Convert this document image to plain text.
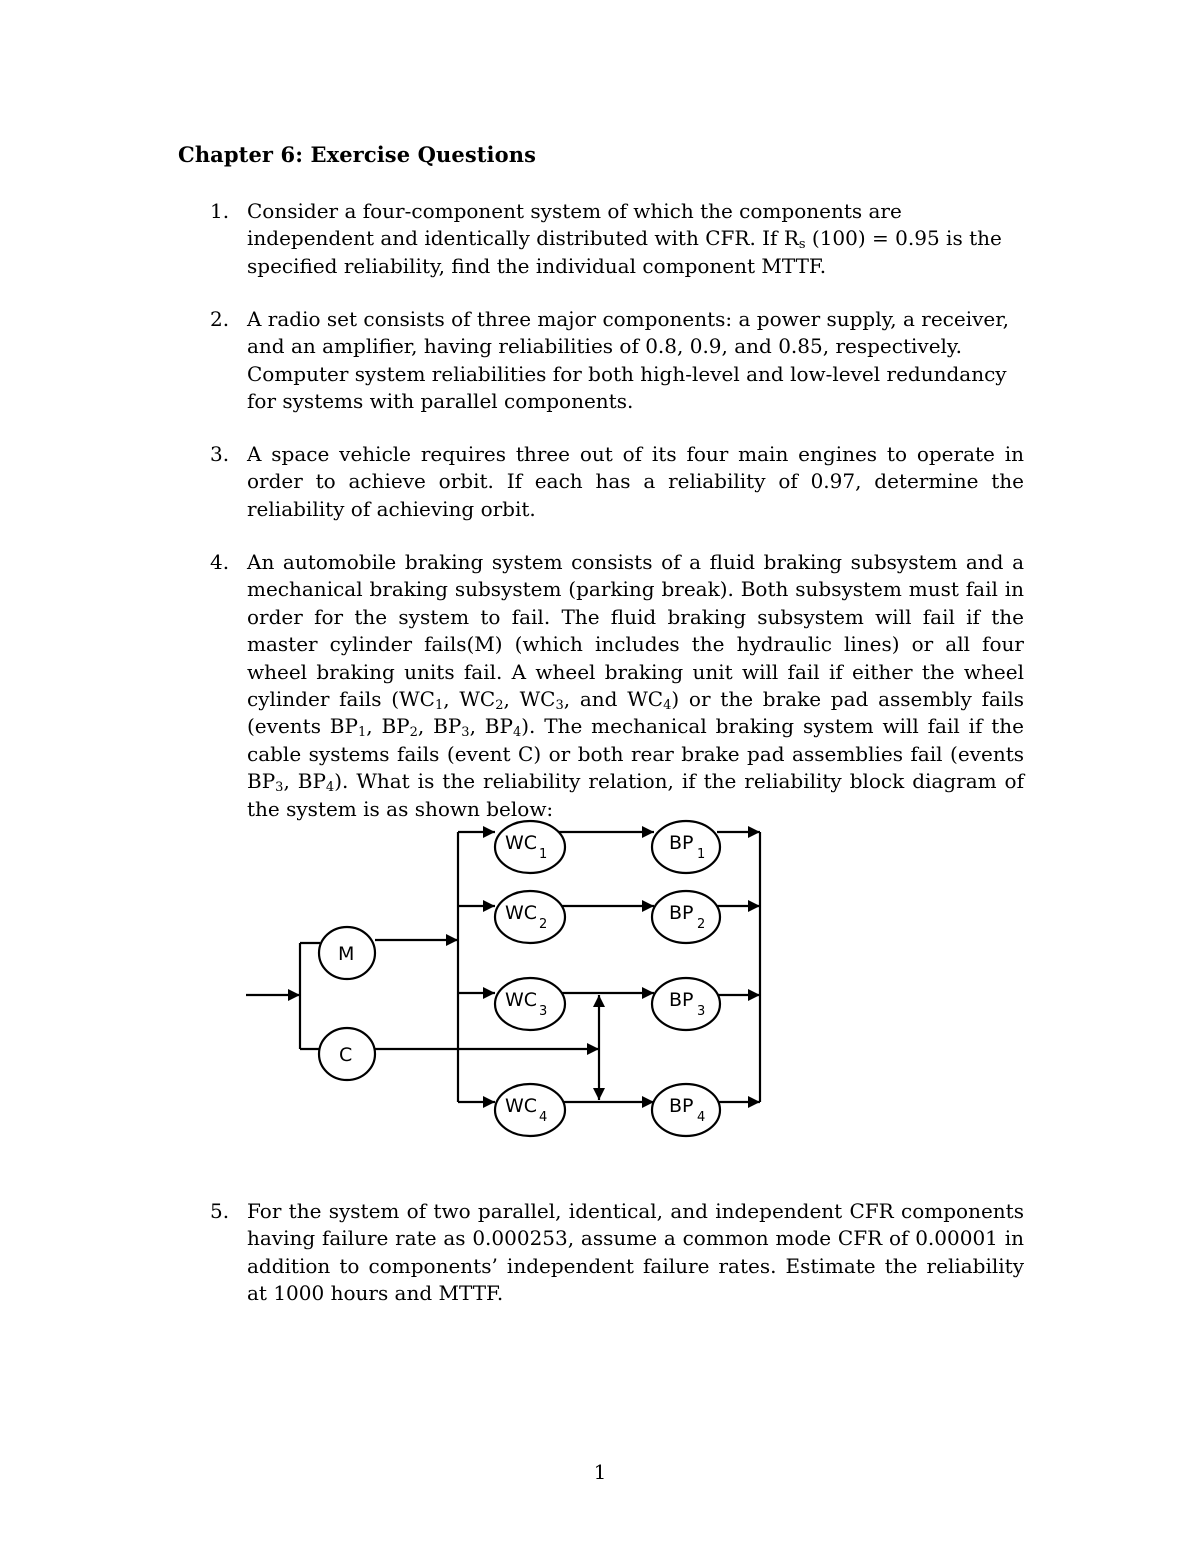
Chapter 6: Exercise Questions
1. Consider a four-component system of which the components are independent and identically distributed with CFR. If $R_s$ (100) = 0.95 is the specified reliability, find the individual component MTTF.
2. A radio set consists of three major components: a power supply, a receiver, and an amplifier, having reliabilities of 0.8, 0.9, and 0.85, respectively. Computer system reliabilities for both high-level and low-level redundancy for systems with parallel components.
3. A space vehicle requires three out of its four main engines to operate in order to achieve orbit. If each has a reliability of 0.97, determine the reliability of achieving orbit.
4. An automobile braking system consists of a fluid braking subsystem and a mechanical braking subsystem (parking break). Both subsystem must fail in order for the system to fail. The fluid braking subsystem will fail if the master cylinder fails(M) (which includes the hydraulic lines) or all four wheel braking units fail. A wheel braking unit will fail if either the wheel cylinder fails ($WC_1$, $WC_2$, $WC_3$, and $WC_4$) or the brake pad assembly fails (events $BP_1$, $BP_2$, $BP_3$, $BP_4$). The mechanical braking system will fail if the cable systems fails (event C) or both rear brake pad assemblies fail (events $BP_3$, $BP_4$). What is the reliability relation, if the reliability block diagram of the system is as shown below:
M
C
WC
1
WC
2
WC
3
WC
4
BP
1
BP
2
BP
3
BP
4
5. For the system of two parallel, identical, and independent CFR components having failure rate as 0.000253, assume a common mode CFR of 0.00001 in addition to components’ independent failure rates. Estimate the reliability at 1000 hours and MTTF.
1
